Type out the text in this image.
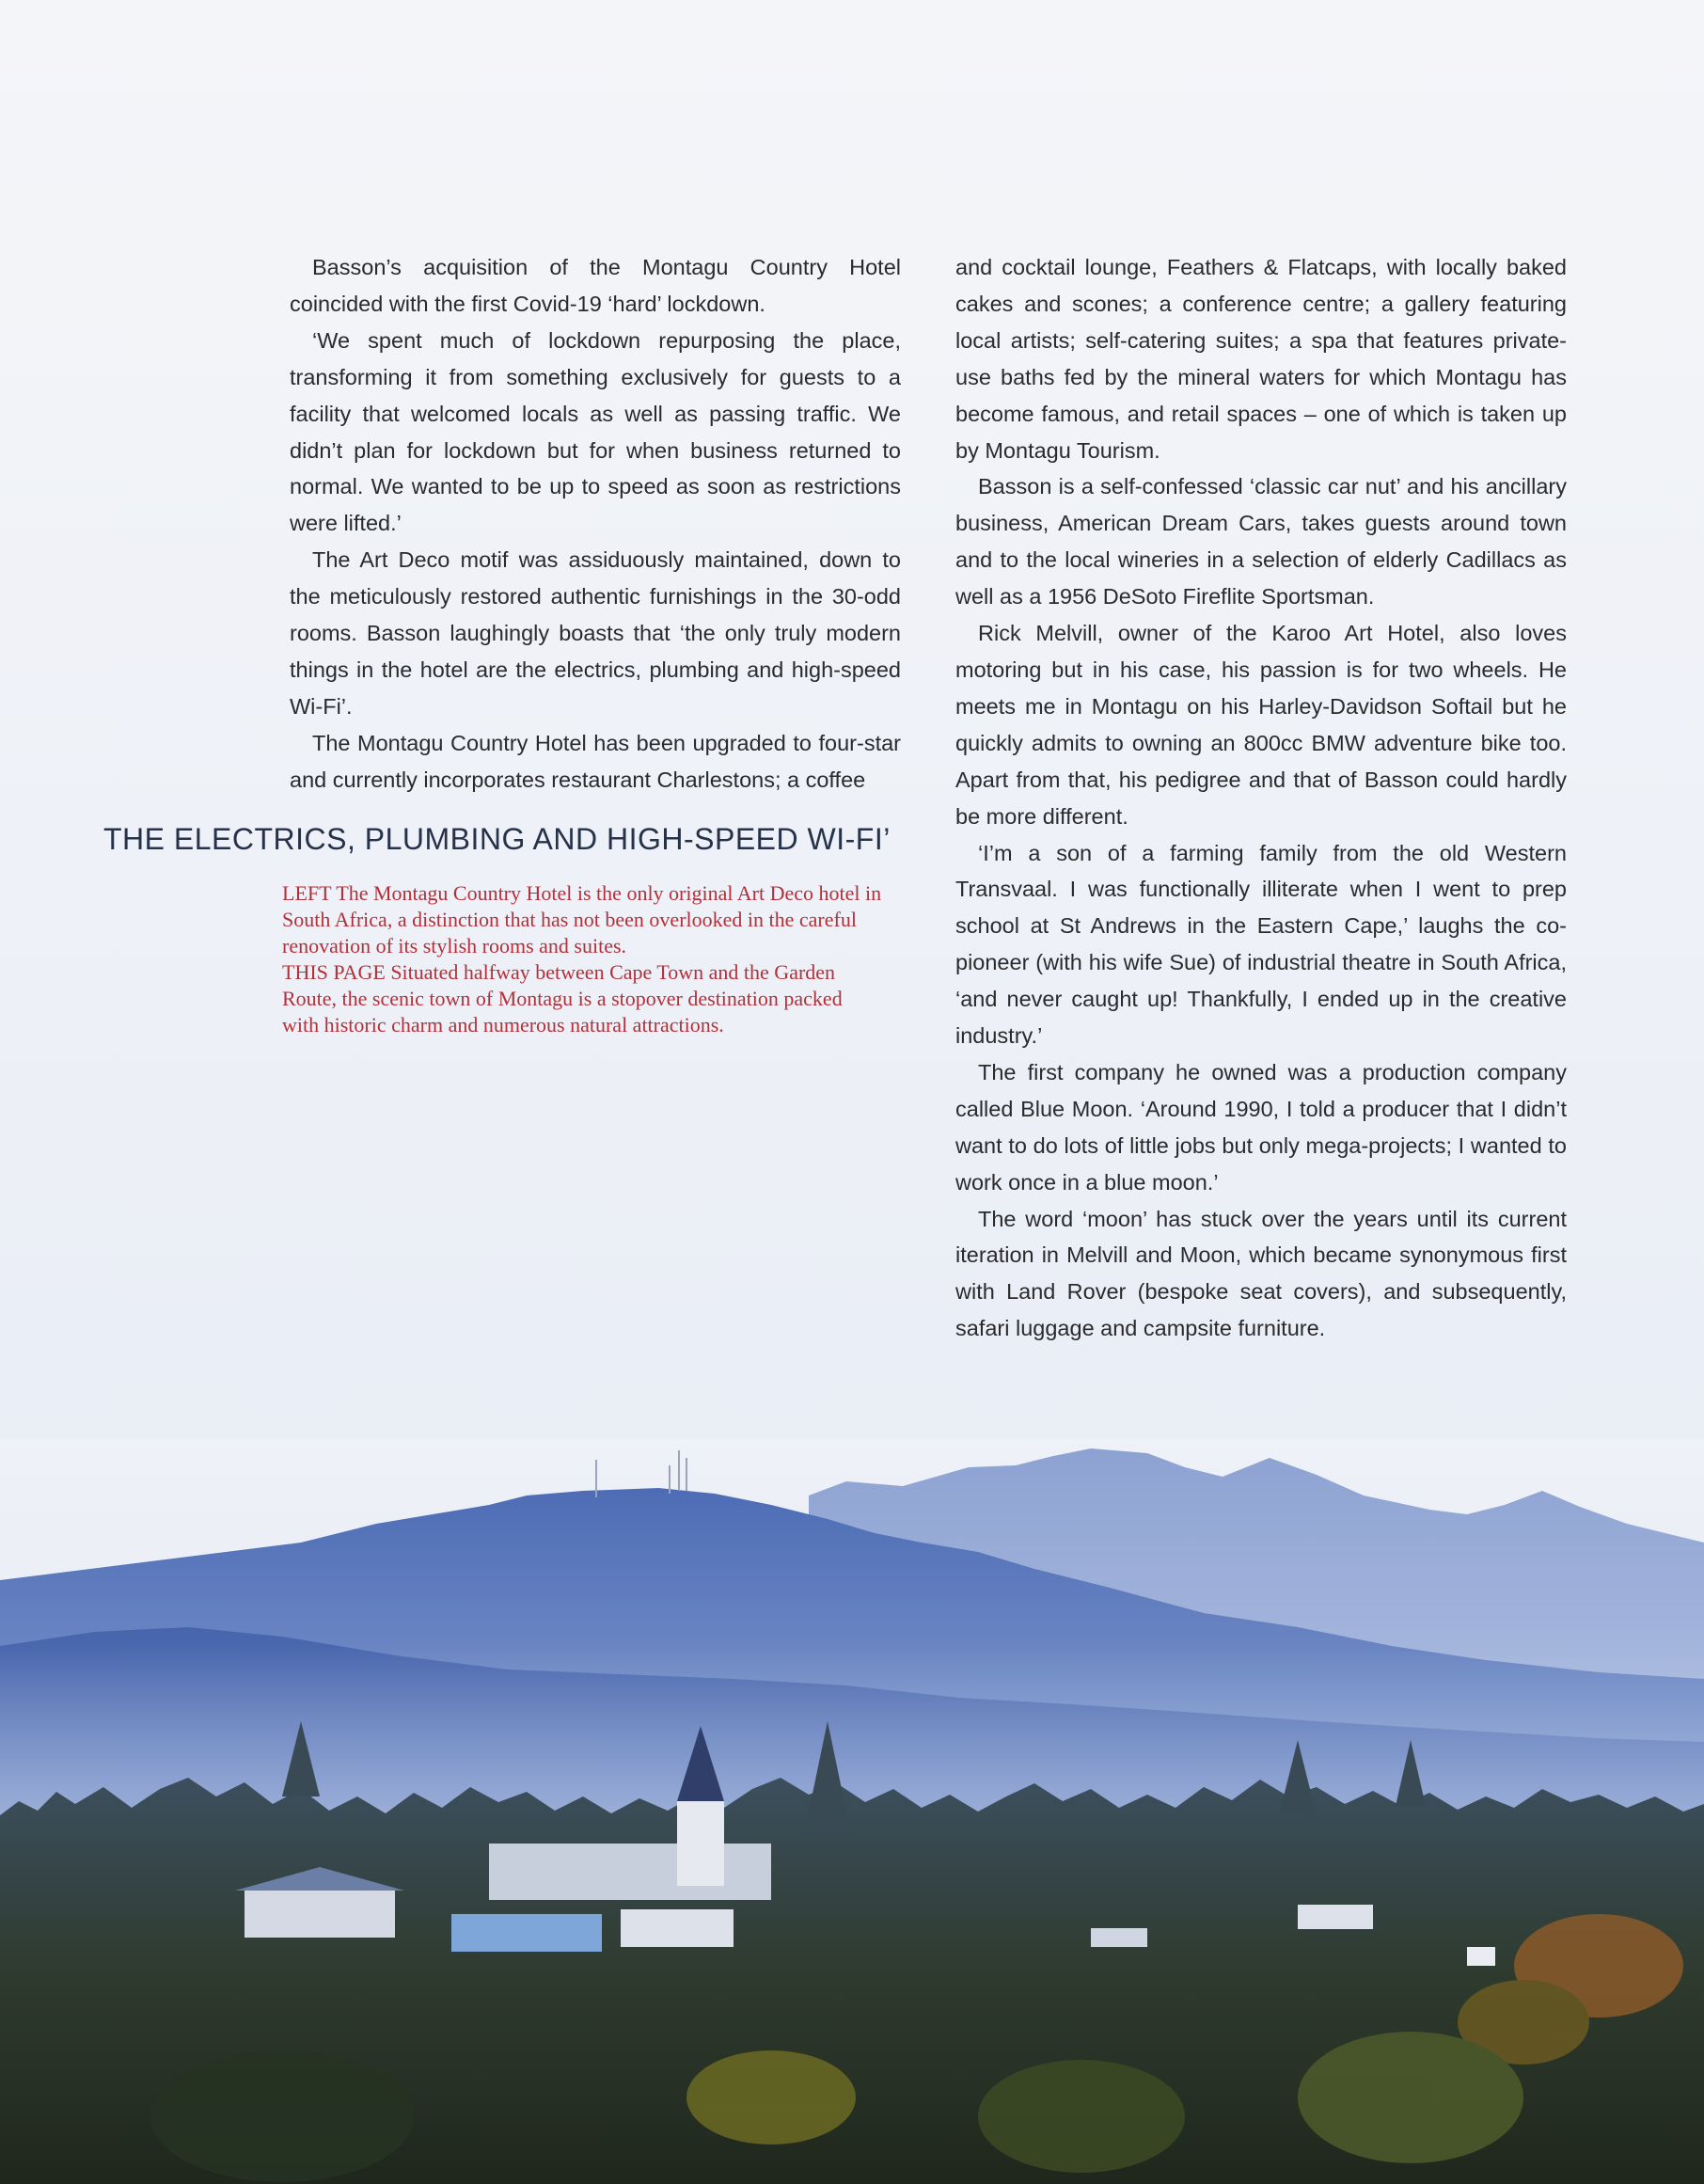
Basson’s acquisition of the Montagu Country Hotel coincided with the first Covid-19 ‘hard’ lockdown.

‘We spent much of lockdown repurposing the place, transforming it from something exclusively for guests to a facility that welcomed locals as well as passing traffic. We didn’t plan for lockdown but for when business returned to normal. We wanted to be up to speed as soon as restrictions were lifted.’

The Art Deco motif was assiduously maintained, down to the meticulously restored authentic furnishings in the 30-odd rooms. Basson laughingly boasts that ‘the only truly modern things in the hotel are the electrics, plumbing and high-speed Wi-Fi’.

The Montagu Country Hotel has been upgraded to four-star and currently incorporates restaurant Charlestons; a coffee

and cocktail lounge, Feathers & Flatcaps, with locally baked cakes and scones; a conference centre; a gallery featuring local artists; self-catering suites; a spa that features private-use baths fed by the mineral waters for which Montagu has become famous, and retail spaces – one of which is taken up by Montagu Tourism.

Basson is a self-confessed ‘classic car nut’ and his ancillary business, American Dream Cars, takes guests around town and to the local wineries in a selection of elderly Cadillacs as well as a 1956 DeSoto Fireflite Sportsman.

Rick Melvill, owner of the Karoo Art Hotel, also loves motoring but in his case, his passion is for two wheels. He meets me in Montagu on his Harley-Davidson Softail but he quickly admits to owning an 800cc BMW adventure bike too. Apart from that, his pedigree and that of Basson could hardly be more different.

‘I’m a son of a farming family from the old Western Transvaal. I was functionally illiterate when I went to prep school at St Andrews in the Eastern Cape,’ laughs the co-pioneer (with his wife Sue) of industrial theatre in South Africa, ‘and never caught up! Thankfully, I ended up in the creative industry.’

The first company he owned was a production company called Blue Moon. ‘Around 1990, I told a producer that I didn’t want to do lots of little jobs but only mega-projects; I wanted to work once in a blue moon.’

The word ‘moon’ has stuck over the years until its current iteration in Melvill and Moon, which became synonymous first with Land Rover (bespoke seat covers), and subsequently, safari luggage and campsite furniture.

THE ELECTRICS, PLUMBING AND HIGH-SPEED WI-FI’
LEFT The Montagu Country Hotel is the only original Art Deco hotel in South Africa, a distinction that has not been overlooked in the careful renovation of its stylish rooms and suites.
THIS PAGE Situated halfway between Cape Town and the Garden Route, the scenic town of Montagu is a stopover destination packed with historic charm and numerous natural attractions.
